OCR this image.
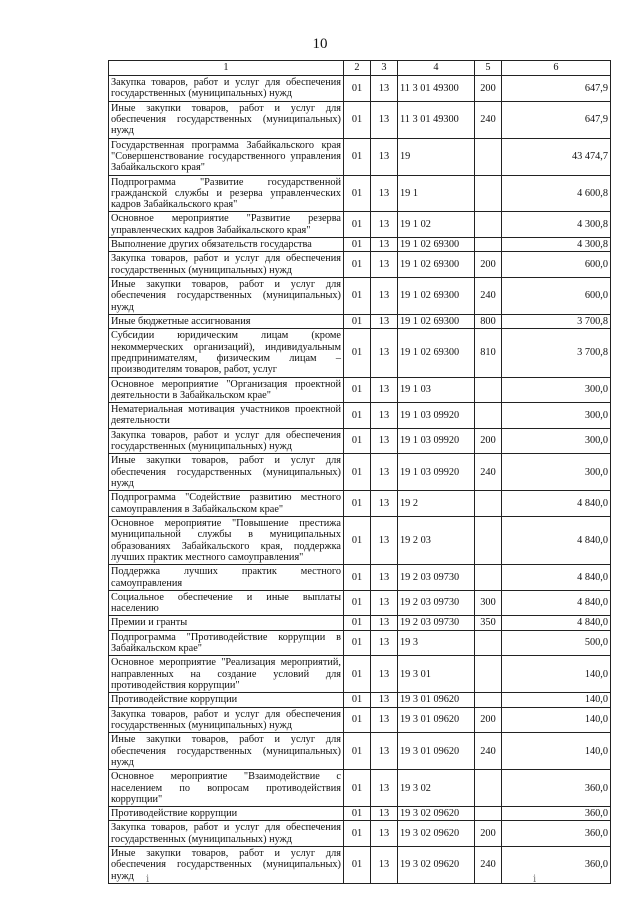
10
1	2	3	4	5	6
Закупка товаров, работ и услуг для обеспечения государственных (муниципальных) нужд	01	13	11 3 01 49300	200	647,9
Иные закупки товаров, работ и услуг для обеспечения государственных (муниципальных) нужд	01	13	11 3 01 49300	240	647,9
Государственная программа Забайкальского края "Совершенствование государственного управления Забайкальского края"	01	13	19		43 474,7
Подпрограмма "Развитие государственной гражданской службы и резерва управленческих кадров Забайкальского края"	01	13	19 1		4 600,8
Основное мероприятие "Развитие резерва управленческих кадров Забайкальского края"	01	13	19 1 02		4 300,8
Выполнение других обязательств государства	01	13	19 1 02 69300		4 300,8
Закупка товаров, работ и услуг для обеспечения государственных (муниципальных) нужд	01	13	19 1 02 69300	200	600,0
Иные закупки товаров, работ и услуг для обеспечения государственных (муниципальных) нужд	01	13	19 1 02 69300	240	600,0
Иные бюджетные ассигнования	01	13	19 1 02 69300	800	3 700,8
Субсидии юридическим лицам (кроме некоммерческих организаций), индивидуальным предпринимателям, физическим лицам – производителям товаров, работ, услуг	01	13	19 1 02 69300	810	3 700,8
Основное мероприятие "Организация проектной деятельности в Забайкальском крае"	01	13	19 1 03		300,0
Нематериальная мотивация участников проектной деятельности	01	13	19 1 03 09920		300,0
Закупка товаров, работ и услуг для обеспечения государственных (муниципальных) нужд	01	13	19 1 03 09920	200	300,0
Иные закупки товаров, работ и услуг для обеспечения государственных (муниципальных) нужд	01	13	19 1 03 09920	240	300,0
Подпрограмма "Содействие развитию местного самоуправления в Забайкальском крае"	01	13	19 2		4 840,0
Основное мероприятие "Повышение престижа муниципальной службы в муниципальных образованиях Забайкальского края, поддержка лучших практик местного самоуправления"	01	13	19 2 03		4 840,0
Поддержка лучших практик местного самоуправления	01	13	19 2 03 09730		4 840,0
Социальное обеспечение и иные выплаты населению	01	13	19 2 03 09730	300	4 840,0
Премии и гранты	01	13	19 2 03 09730	350	4 840,0
Подпрограмма "Противодействие коррупции в Забайкальском крае"	01	13	19 3		500,0
Основное мероприятие "Реализация мероприятий, направленных на создание условий для противодействия коррупции"	01	13	19 3 01		140,0
Противодействие коррупции	01	13	19 3 01 09620		140,0
Закупка товаров, работ и услуг для обеспечения государственных (муниципальных) нужд	01	13	19 3 01 09620	200	140,0
Иные закупки товаров, работ и услуг для обеспечения государственных (муниципальных) нужд	01	13	19 3 01 09620	240	140,0
Основное мероприятие "Взаимодействие с населением по вопросам противодействия коррупции"	01	13	19 3 02		360,0
Противодействие коррупции	01	13	19 3 02 09620		360,0
Закупка товаров, работ и услуг для обеспечения государственных (муниципальных) нужд	01	13	19 3 02 09620	200	360,0
Иные закупки товаров, работ и услуг для обеспечения государственных (муниципальных) нужд	01	13	19 3 02 09620	240	360,0
ⅰ	ⅰ
